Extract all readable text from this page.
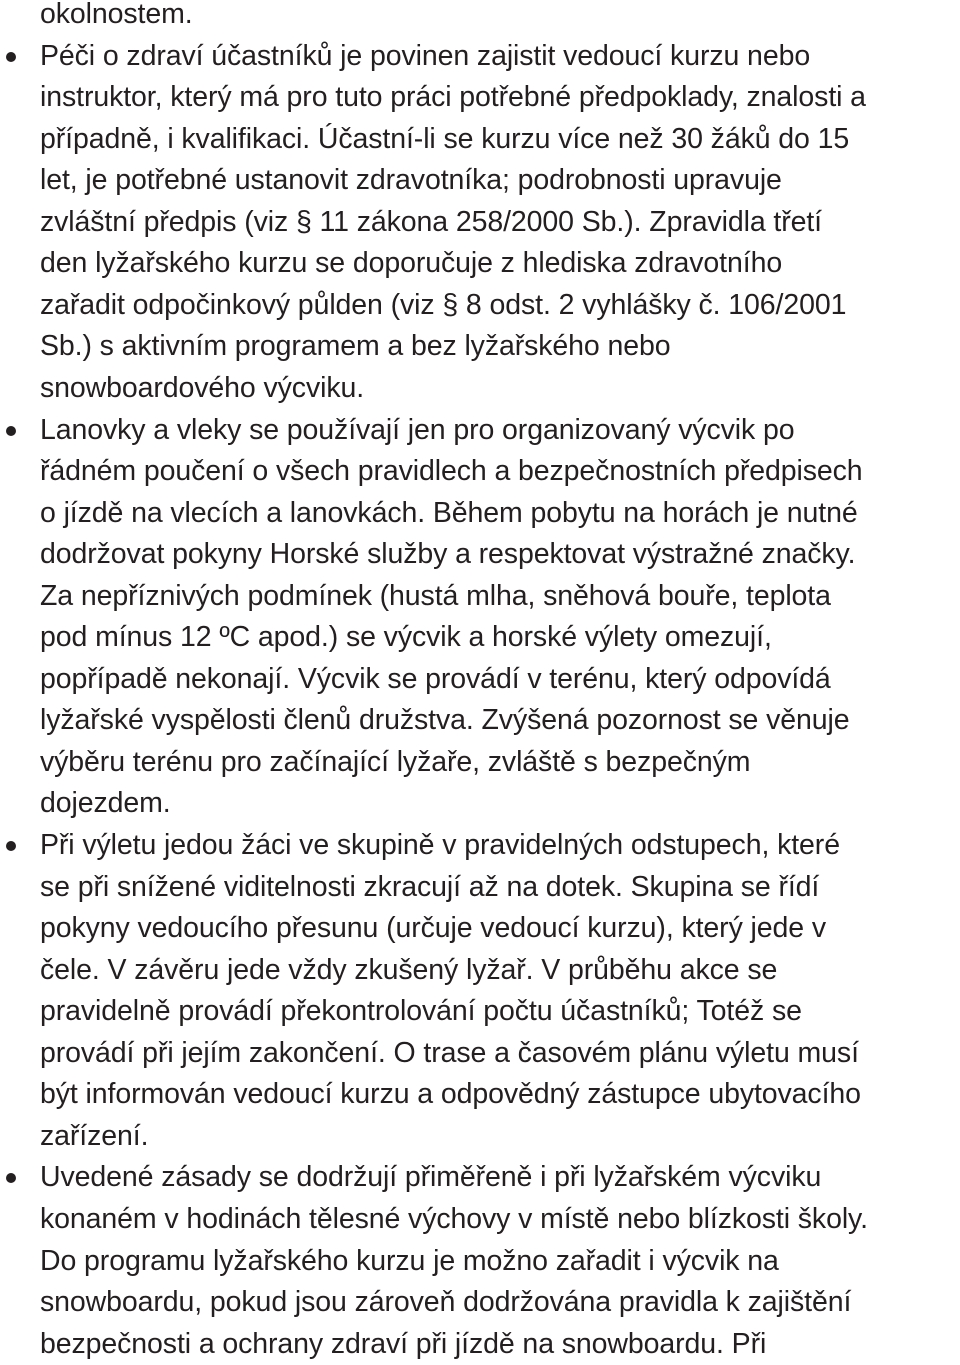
okolnostem.
Péči o zdraví účastníků je povinen zajistit vedoucí kurzu nebo
instruktor, který má pro tuto práci potřebné předpoklady, znalosti a
případně, i kvalifikaci. Účastní-li se kurzu více než 30 žáků do 15
let, je potřebné ustanovit zdravotníka; podrobnosti upravuje
zvláštní předpis (viz § 11 zákona 258/2000 Sb.). Zpravidla třetí
den lyžařského kurzu se doporučuje z hlediska zdravotního
zařadit odpočinkový půlden (viz § 8 odst. 2 vyhlášky č. 106/2001
Sb.) s aktivním programem a bez lyžařského nebo
snowboardového výcviku.
Lanovky a vleky se používají jen pro organizovaný výcvik po
řádném poučení o všech pravidlech a bezpečnostních předpisech
o jízdě na vlecích a lanovkách. Během pobytu na horách je nutné
dodržovat pokyny Horské služby a respektovat výstražné značky.
Za nepříznivých podmínek (hustá mlha, sněhová bouře, teplota
pod mínus 12 ºC apod.) se výcvik a horské výlety omezují,
popřípadě nekonají. Výcvik se provádí v terénu, který odpovídá
lyžařské vyspělosti členů družstva. Zvýšená pozornost se věnuje
výběru terénu pro začínající lyžaře, zvláště s bezpečným
dojezdem.
Při výletu jedou žáci ve skupině v pravidelných odstupech, které
se při snížené viditelnosti zkracují až na dotek. Skupina se řídí
pokyny vedoucího přesunu (určuje vedoucí kurzu), který jede v
čele. V závěru jede vždy zkušený lyžař. V průběhu akce se
pravidelně provádí překontrolování počtu účastníků; Totéž se
provádí při jejím zakončení. O trase a časovém plánu výletu musí
být informován vedoucí kurzu a odpovědný zástupce ubytovacího
zařízení.
Uvedené zásady se dodržují přiměřeně i při lyžařském výcviku
konaném v hodinách tělesné výchovy v místě nebo blízkosti školy.
Do programu lyžařského kurzu je možno zařadit i výcvik na
snowboardu, pokud jsou zároveň dodržována pravidla k zajištění
bezpečnosti a ochrany zdraví při jízdě na snowboardu. Při
